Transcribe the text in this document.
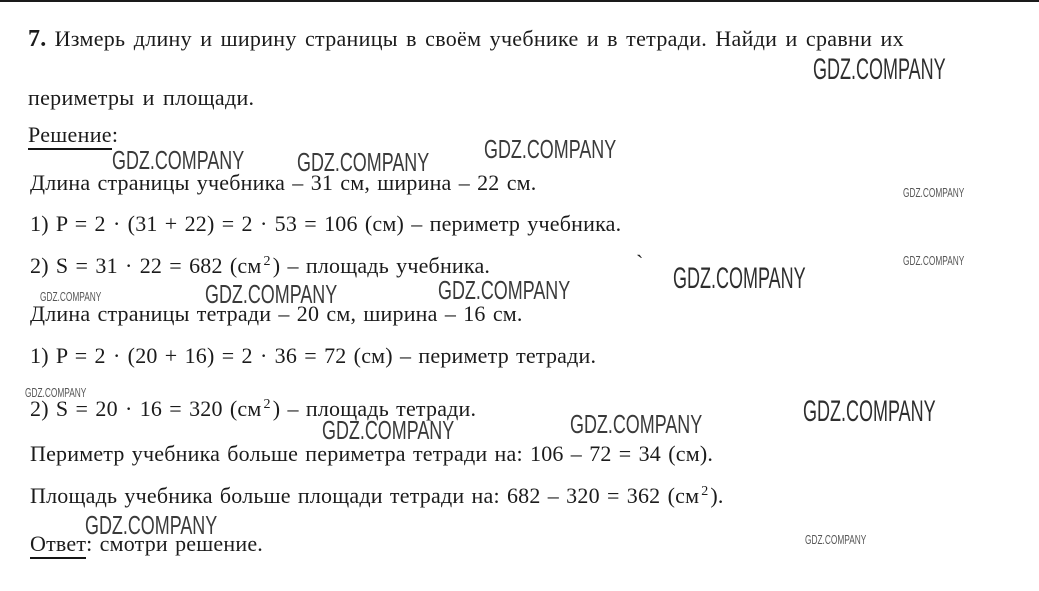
7. Измерь длину и ширину страницы в своём учебнике и в тетради. Найди и сравни их

периметры и площади.

Решение:

Длина страницы учебника – 31 см, ширина – 22 см.

1) P = 2 · (31 + 22) = 2 · 53 = 106 (см) – периметр учебника.

2) S = 31 · 22 = 682 (см $^2$) – площадь учебника.

Длина страницы тетради – 20 см, ширина – 16 см.

1) P = 2 · (20 + 16) = 2 · 36 = 72 (см) – периметр тетради.

2) S = 20 · 16 = 320 (см $^2$) – площадь тетради.

Периметр учебника больше периметра тетради на: 106 – 72 = 34 (см).

Площадь учебника больше площади тетради на: 682 – 320 = 362 (см $^2$).

Ответ: смотри решение.

GDZ.COMPANY
GDZ.COMPANY GDZ.COMPANY GDZ.COMPANY
GDZ.COMPANY
GDZ.COMPANY
GDZ.COMPANY
GDZ.COMPANY	GDZ.COMPANY
GDZ.COMPANY
GDZ.COMPANY
GDZ.COMPANY	GDZ.COMPANY	GDZ.COMPANY
GDZ.COMPANY	GDZ.COMPANY
`
